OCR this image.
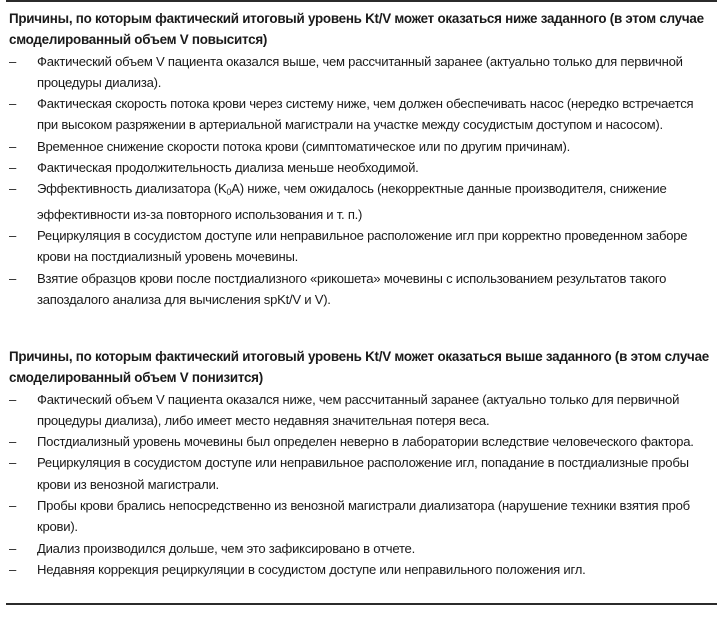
Причины, по которым фактический итоговый уровень Kt/V может оказаться ниже заданного (в этом случае смоделированный объем V повысится)

–	Фактический объем V пациента оказался выше, чем рассчитанный заранее (актуально только для первичной процедуры диализа).
–	Фактическая скорость потока крови через систему ниже, чем должен обеспечивать насос (нередко встречается при высоком разряжении в артериальной магистрали на участке между сосудистым доступом и насосом).
–	Временное снижение скорости потока крови (симптоматическое или по другим причинам).
–	Фактическая продолжительность диализа меньше необходимой.
–	Эффективность диализатора $(K_0A)$ ниже, чем ожидалось (некорректные данные производителя, снижение эффективности из-за повторного использования и т. п.)
–	Рециркуляция в сосудистом доступе или неправильное расположение игл при корректно проведенном заборе крови на постдиализный уровень мочевины.
–	Взятие образцов крови после постдиализного «рикошета» мочевины с использованием результатов такого запоздалого анализа для вычисления spKt/V и V).

Причины, по которым фактический итоговый уровень Kt/V может оказаться выше заданного (в этом случае смоделированный объем V понизится)

–	Фактический объем V пациента оказался ниже, чем рассчитанный заранее (актуально только для первичной процедуры диализа), либо имеет место недавняя значительная потеря веса.
–	Постдиализный уровень мочевины был определен неверно в лаборатории вследствие человеческого фактора.
–	Рециркуляция в сосудистом доступе или неправильное расположение игл, попадание в постдиализные пробы крови из венозной магистрали.
–	Пробы крови брались непосредственно из венозной магистрали диализатора (нарушение техники взятия проб крови).
–	Диализ производился дольше, чем это зафиксировано в отчете.
–	Недавняя коррекция рециркуляции в сосудистом доступе или неправильного положения игл.
